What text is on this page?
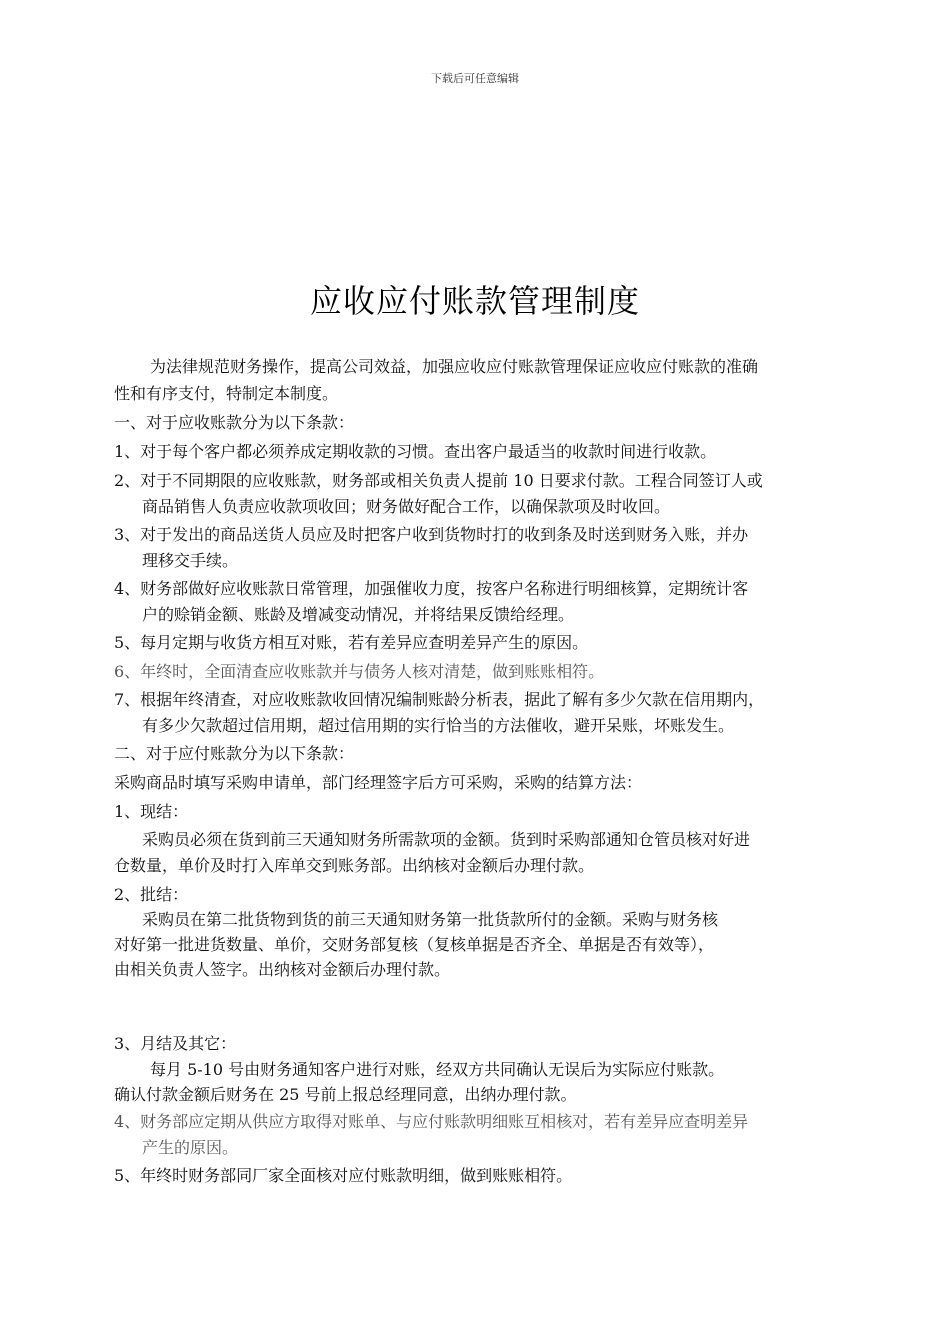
下载后可任意编辑
应收应付账款管理制度
为法律规范财务操作，提高公司效益，加强应收应付账款管理保证应收应付账款的准确
性和有序支付，特制定本制度。
一、对于应收账款分为以下条款：
1、对于每个客户都必须养成定期收款的习惯。查出客户最适当的收款时间进行收款。
2、对于不同期限的应收账款，财务部或相关负责人提前 10 日要求付款。工程合同签订人或
商品销售人负责应收款项收回；财务做好配合工作，以确保款项及时收回。
3、对于发出的商品送货人员应及时把客户收到货物时打的收到条及时送到财务入账，并办
理移交手续。
4、财务部做好应收账款日常管理，加强催收力度，按客户名称进行明细核算，定期统计客
户的赊销金额、账龄及增减变动情况，并将结果反馈给经理。
5、每月定期与收货方相互对账，若有差异应查明差异产生的原因。
6、年终时，全面清查应收账款并与债务人核对清楚，做到账账相符。
7、根据年终清查，对应收账款收回情况编制账龄分析表，据此了解有多少欠款在信用期内，
有多少欠款超过信用期，超过信用期的实行恰当的方法催收，避开呆账，坏账发生。
二、对于应付账款分为以下条款：
采购商品时填写采购申请单，部门经理签字后方可采购，采购的结算方法：
1、现结：
采购员必须在货到前三天通知财务所需款项的金额。货到时采购部通知仓管员核对好进
仓数量，单价及时打入库单交到账务部。出纳核对金额后办理付款。
2、批结：
采购员在第二批货物到货的前三天通知财务第一批货款所付的金额。采购与财务核
对好第一批进货数量、单价，交财务部复核（复核单据是否齐全、单据是否有效等），
由相关负责人签字。出纳核对金额后办理付款。
3、月结及其它：
每月 5-10 号由财务通知客户进行对账，经双方共同确认无误后为实际应付账款。
确认付款金额后财务在 25 号前上报总经理同意，出纳办理付款。
4、财务部应定期从供应方取得对账单、与应付账款明细账互相核对，若有差异应查明差异
产生的原因。
5、年终时财务部同厂家全面核对应付账款明细，做到账账相符。
